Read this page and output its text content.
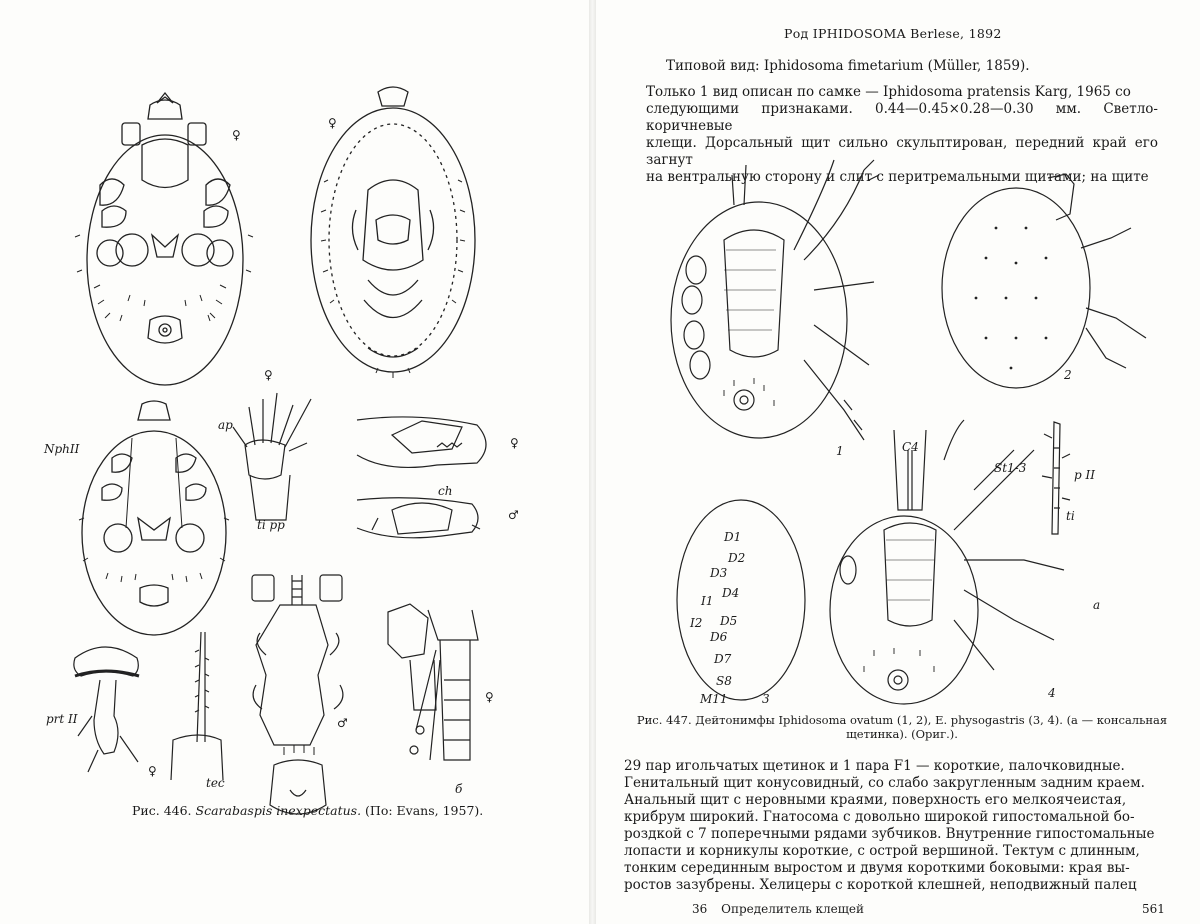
♀
♀
NphII
ap
♀
ti pp
♀
ch
♂
♂
♀
б
prt II
♀
tec
Рис. 446. Scarabaspis inexpectatus. (По: Evans, 1957).
Род IPHIDOSOMA Berlese, 1892
Типовой вид: Iphidosoma fimetarium (Müller, 1859).

Только 1 вид описан по самке — Iphidosoma pratensis Karg, 1965 со

следующими признаками. 0.44—0.45×0.28—0.30 мм. Светло-коричневые

клещи. Дорсальный щит сильно скульптирован, передний край его загнут

на вентральную сторону и слит с перитремальными щитами; на щите

1
2
D1
D2
D3
D4
I1
I2 D5
D6
D7
S8
M11	3
C4
4
St1-3	p II
ti
a
Рис. 447. Дейтонимфы Iphidosoma ovatum (1, 2), E. physogastris (3, 4). (a — консальная
щетинка). (Ориг.).

29 пар игольчатых щетинок и 1 пара F1 — короткие, палочковидные.

Генитальный щит конусовидный, со слабо закругленным задним краем.

Анальный щит с неровными краями, поверхность его мелкоячеистая,

крибрум широкий. Гнатосома с довольно широкой гипостомальной бо-

роздкой с 7 поперечными рядами зубчиков. Внутренние гипостомальные

лопасти и корникулы короткие, с острой вершиной. Тектум с длинным,

тонким серединным выростом и двумя короткими боковыми: края вы-

ростов зазубрены. Хелицеры с короткой клешней, неподвижный палец

36 Определитель клещей	561
